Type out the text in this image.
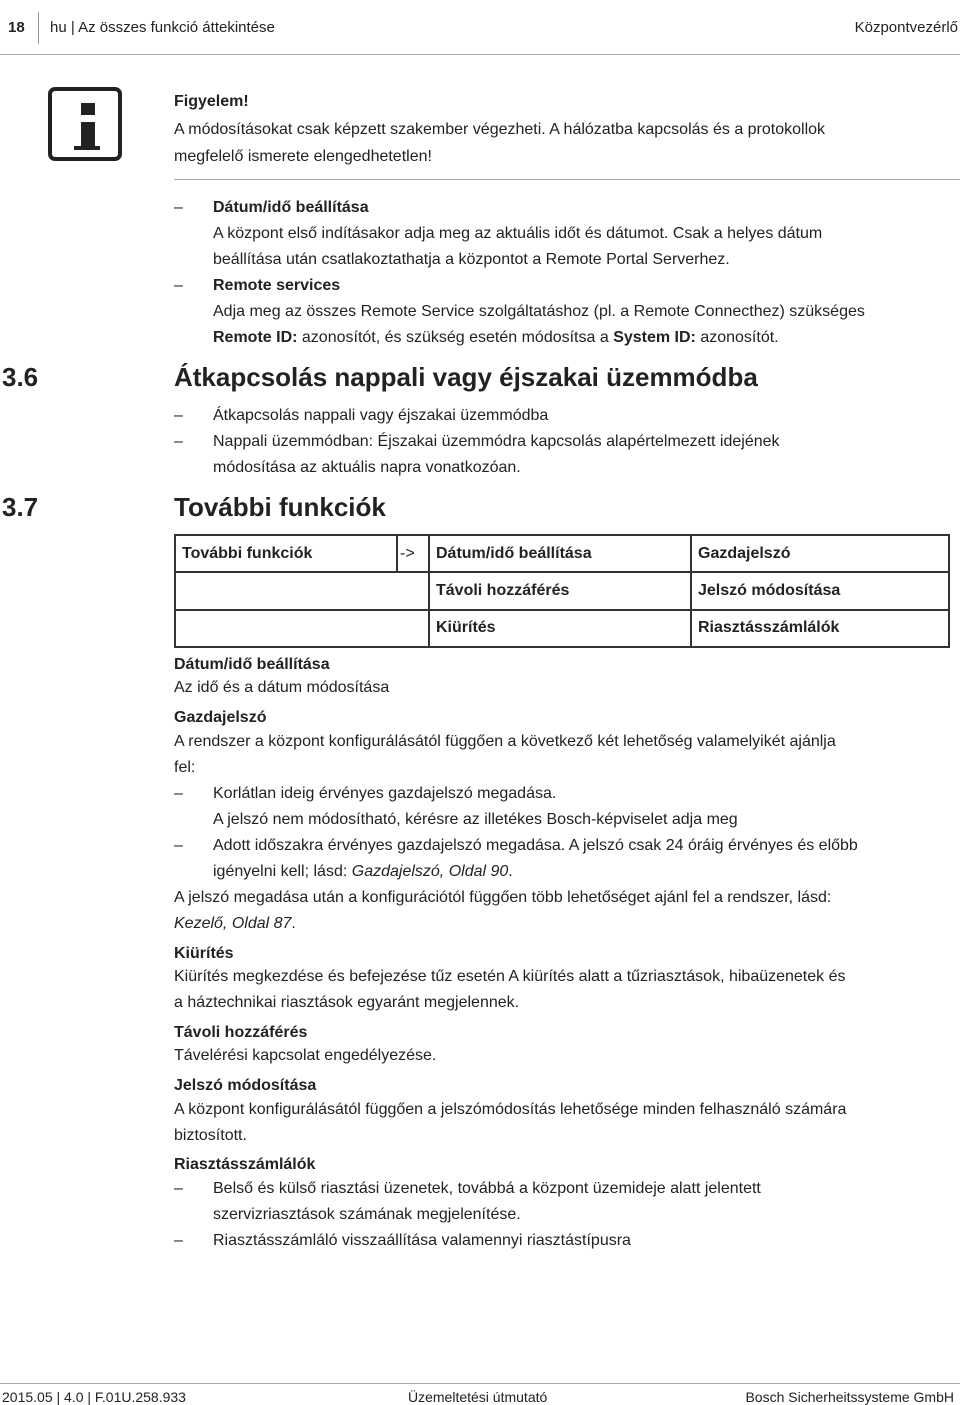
18 hu | Az összes funkció áttekintése	Központvezérlő
Figyelem!
A módosításokat csak képzett szakember végezheti. A hálózatba kapcsolás és a protokollok
megfelelő ismerete elengedhetetlen!
– Dátum/idő beállítása
A központ első indításakor adja meg az aktuális időt és dátumot. Csak a helyes dátum
beállítása után csatlakoztathatja a központot a Remote Portal Serverhez.
– Remote services
Adja meg az összes Remote Service szolgáltatáshoz (pl. a Remote Connecthez) szükséges
Remote ID: azonosítót, és szükség esetén módosítsa a System ID: azonosítót.
3.6	Átkapcsolás nappali vagy éjszakai üzemmódba
– Átkapcsolás nappali vagy éjszakai üzemmódba
– Nappali üzemmódban: Éjszakai üzemmódra kapcsolás alapértelmezett idejének
módosítása az aktuális napra vonatkozóan.
3.7	További funkciók
További funkciók	->	Dátum/idő beállítása	Gazdajelszó
		Távoli hozzáférés	Jelszó módosítása
		Kiürítés	Riasztásszámlálók
Dátum/idő beállítása
Az idő és a dátum módosítása
Gazdajelszó
A rendszer a központ konfigurálásától függően a következő két lehetőség valamelyikét ajánlja
fel:
– Korlátlan ideig érvényes gazdajelszó megadása.
A jelszó nem módosítható, kérésre az illetékes Bosch-képviselet adja meg
– Adott időszakra érvényes gazdajelszó megadása. A jelszó csak 24 óráig érvényes és előbb
igényelni kell; lásd: Gazdajelszó, Oldal 90.
A jelszó megadása után a konfigurációtól függően több lehetőséget ajánl fel a rendszer, lásd:
Kezelő, Oldal 87.
Kiürítés
Kiürítés megkezdése és befejezése tűz esetén A kiürítés alatt a tűzriasztások, hibaüzenetek és
a háztechnikai riasztások egyaránt megjelennek.
Távoli hozzáférés
Távelérési kapcsolat engedélyezése.
Jelszó módosítása
A központ konfigurálásától függően a jelszómódosítás lehetősége minden felhasználó számára
biztosított.
Riasztásszámlálók
– Belső és külső riasztási üzenetek, továbbá a központ üzemideje alatt jelentett
szervizriasztások számának megjelenítése.
– Riasztásszámláló visszaállítása valamennyi riasztástípusra
2015.05 | 4.0 | F.01U.258.933	Üzemeltetési útmutató	Bosch Sicherheitssysteme GmbH
